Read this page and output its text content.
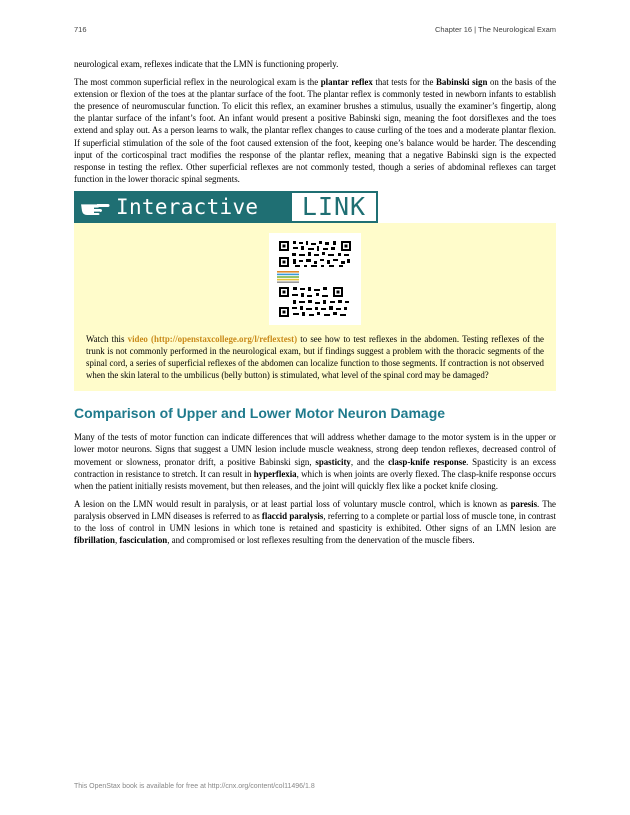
716	Chapter 16 | The Neurological Exam

neurological exam, reflexes indicate that the LMN is functioning properly.

The most common superficial reflex in the neurological exam is the plantar reflex that tests for the Babinski sign on the basis of the extension or flexion of the toes at the plantar surface of the foot. The plantar reflex is commonly tested in newborn infants to establish the presence of neuromuscular function. To elicit this reflex, an examiner brushes a stimulus, usually the examiner’s fingertip, along the plantar surface of the infant’s foot. An infant would present a positive Babinski sign, meaning the foot dorsiflexes and the toes extend and splay out. As a person learns to walk, the plantar reflex changes to cause curling of the toes and a moderate plantar flexion. If superficial stimulation of the sole of the foot caused extension of the foot, keeping one’s balance would be harder. The descending input of the corticospinal tract modifies the response of the plantar reflex, meaning that a negative Babinski sign is the expected response in testing the reflex. Other superficial reflexes are not commonly tested, though a series of abdominal reflexes can target function in the lower thoracic spinal segments.

Interactive LINK
Watch this video (http://openstaxcollege.org/l/reflextest) to see how to test reflexes in the abdomen. Testing reflexes of the trunk is not commonly performed in the neurological exam, but if findings suggest a problem with the thoracic segments of the spinal cord, a series of superficial reflexes of the abdomen can localize function to those segments. If contraction is not observed when the skin lateral to the umbilicus (belly button) is stimulated, what level of the spinal cord may be damaged?
Comparison of Upper and Lower Motor Neuron Damage

Many of the tests of motor function can indicate differences that will address whether damage to the motor system is in the upper or lower motor neurons. Signs that suggest a UMN lesion include muscle weakness, strong deep tendon reflexes, decreased control of movement or slowness, pronator drift, a positive Babinski sign, spasticity, and the clasp-knife response. Spasticity is an excess contraction in resistance to stretch. It can result in hyperflexia, which is when joints are overly flexed. The clasp-knife response occurs when the patient initially resists movement, but then releases, and the joint will quickly flex like a pocket knife closing.

A lesion on the LMN would result in paralysis, or at least partial loss of voluntary muscle control, which is known as paresis. The paralysis observed in LMN diseases is referred to as flaccid paralysis, referring to a complete or partial loss of muscle tone, in contrast to the loss of control in UMN lesions in which tone is retained and spasticity is exhibited. Other signs of an LMN lesion are fibrillation, fasciculation, and compromised or lost reflexes resulting from the denervation of the muscle fibers.

This OpenStax book is available for free at http://cnx.org/content/col11496/1.8
